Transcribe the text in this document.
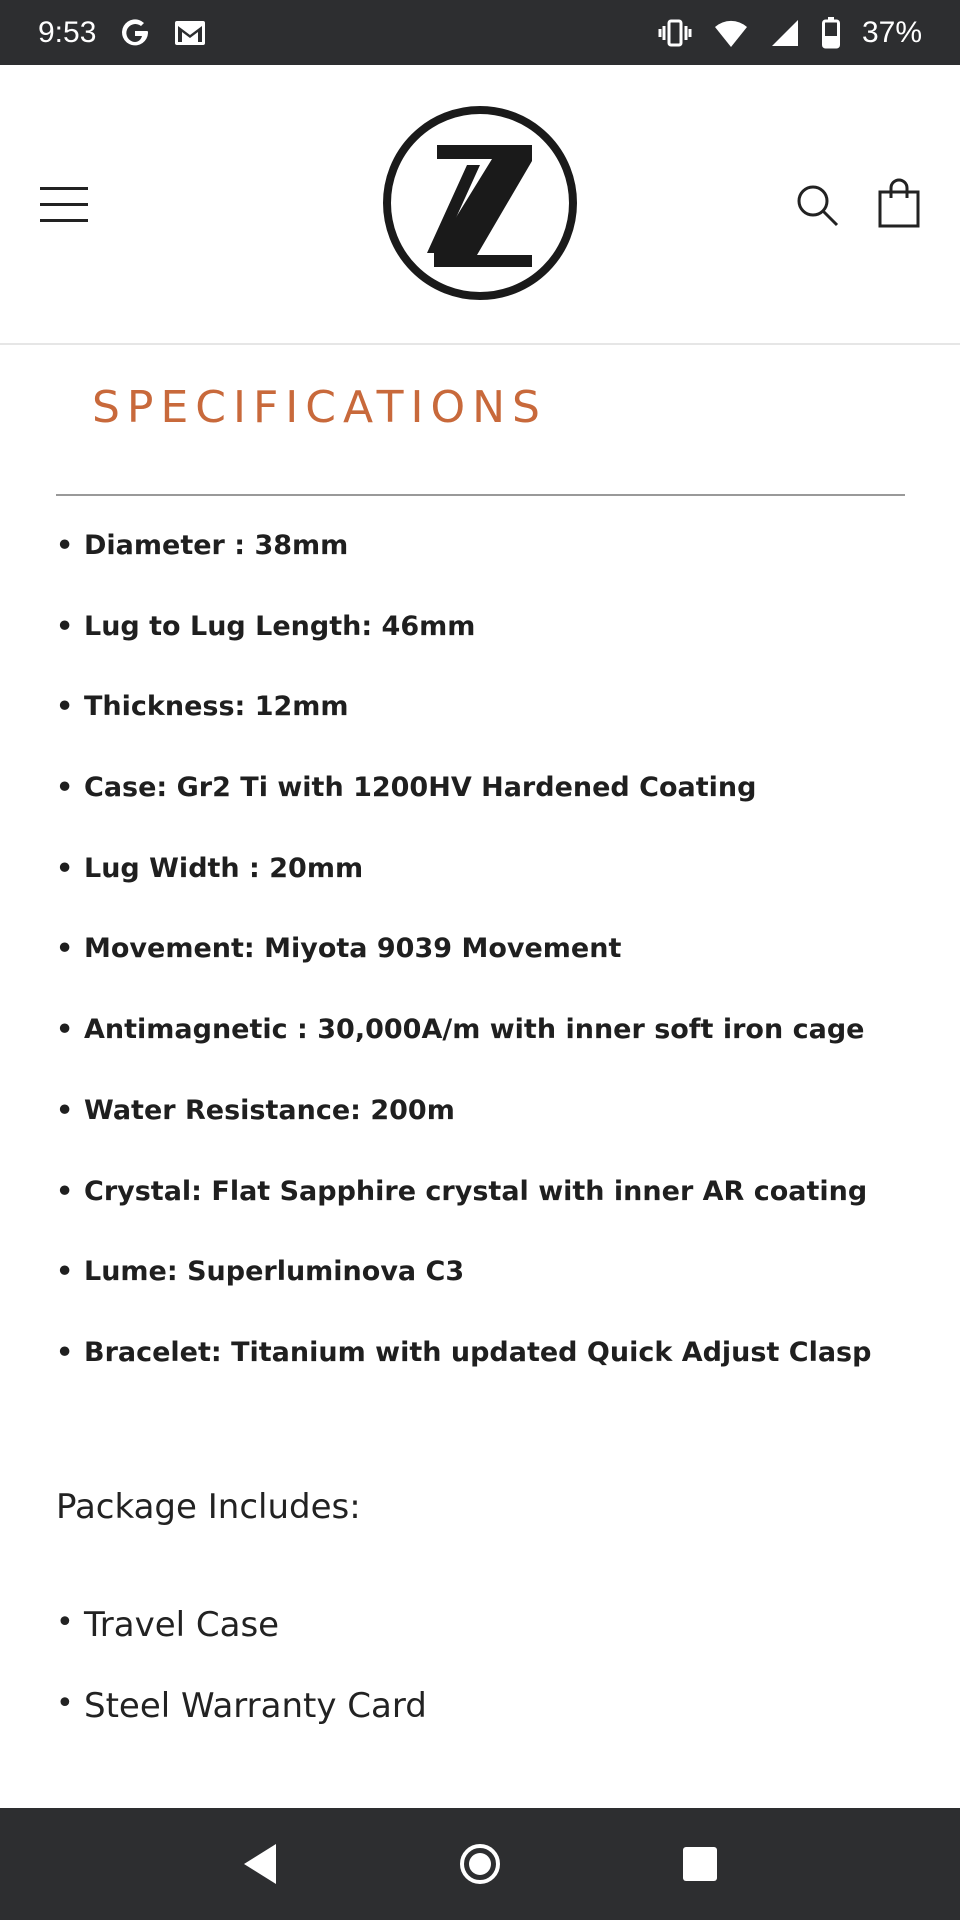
9:53	37%
SPECIFICATIONS
• Diameter : 38mm
• Lug to Lug Length: 46mm
• Thickness: 12mm
• Case: Gr2 Ti with 1200HV Hardened Coating
• Lug Width : 20mm
• Movement: Miyota 9039 Movement
• Antimagnetic : 30,000A/m with inner soft iron cage
• Water Resistance: 200m
• Crystal: Flat Sapphire crystal with inner AR coating
• Lume: Superluminova C3
• Bracelet: Titanium with updated Quick Adjust Clasp
Package Includes:
• Travel Case
• Steel Warranty Card
